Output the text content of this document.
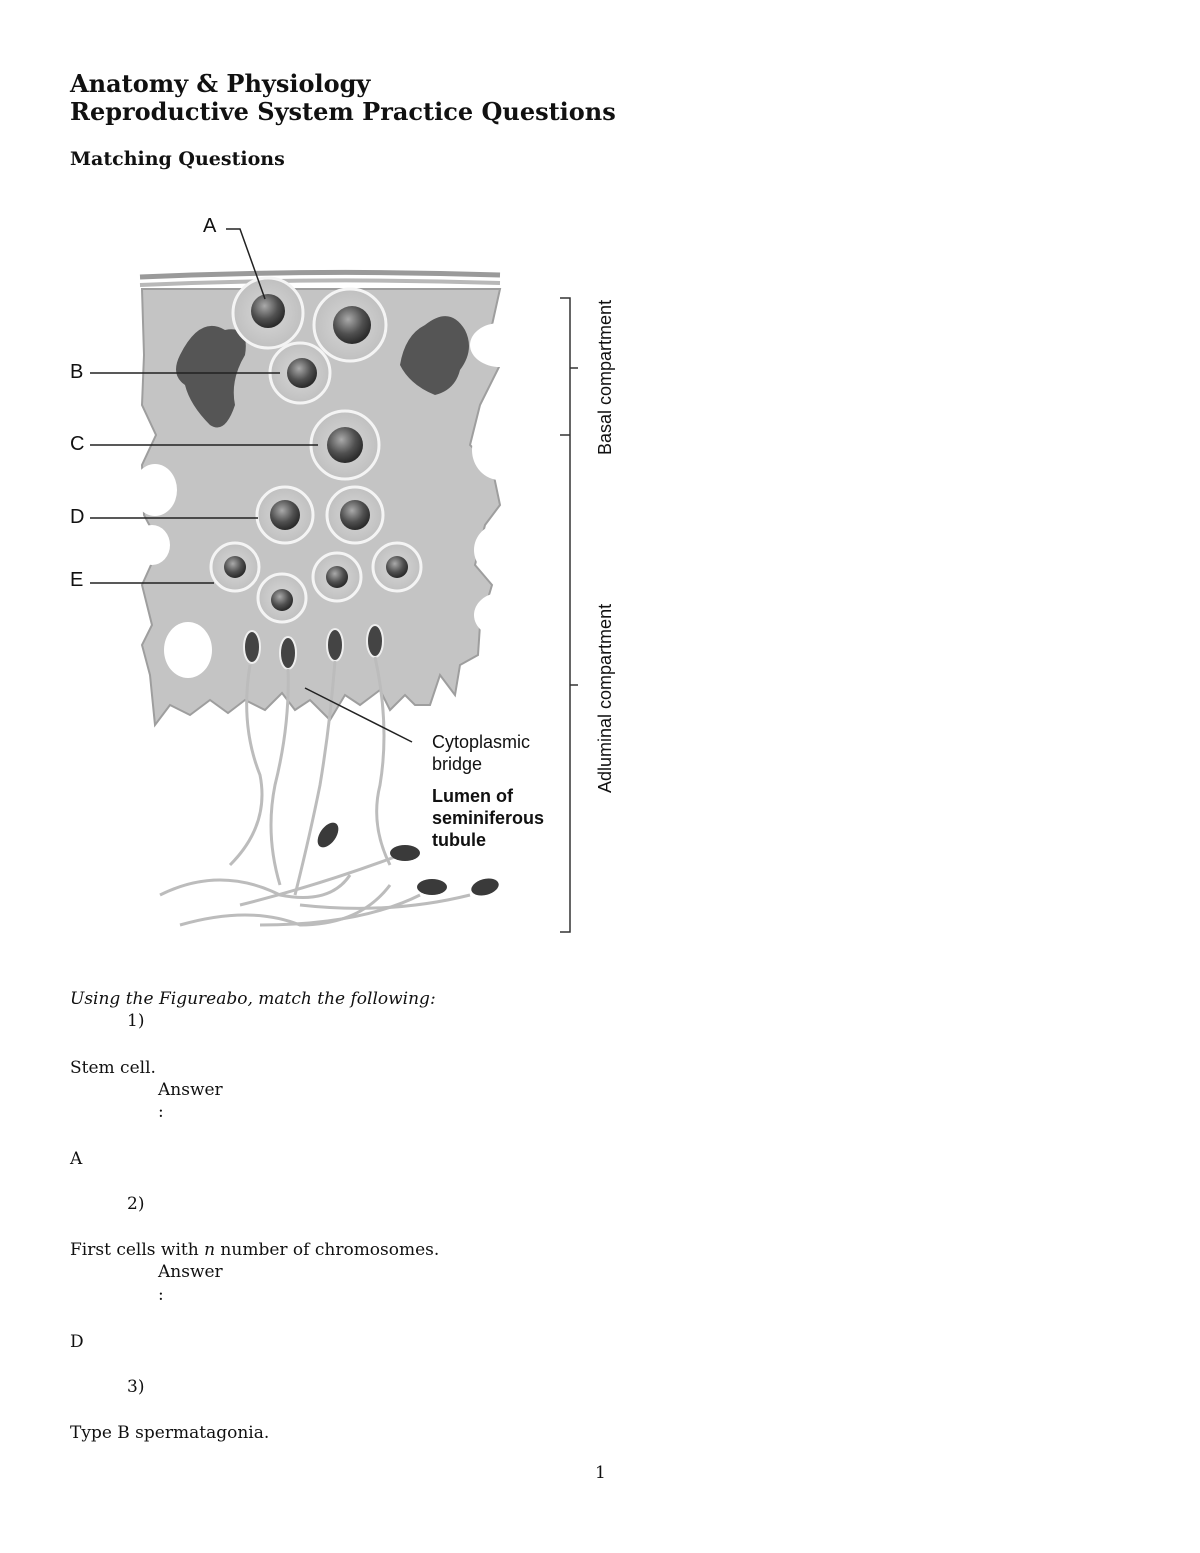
Anatomy & Physiology
Reproductive System Practice Questions
Matching Questions
A
B
C
D
E
Cytoplasmic
bridge
Lumen of
seminiferous
tubule
Basal compartment
Adluminal compartment
Using the Figureabo, match the following:
1)
Stem cell.
Answer
:
A
2)
First cells with n number of chromosomes.
Answer
:
D
3)
Type B spermatagonia.
1
